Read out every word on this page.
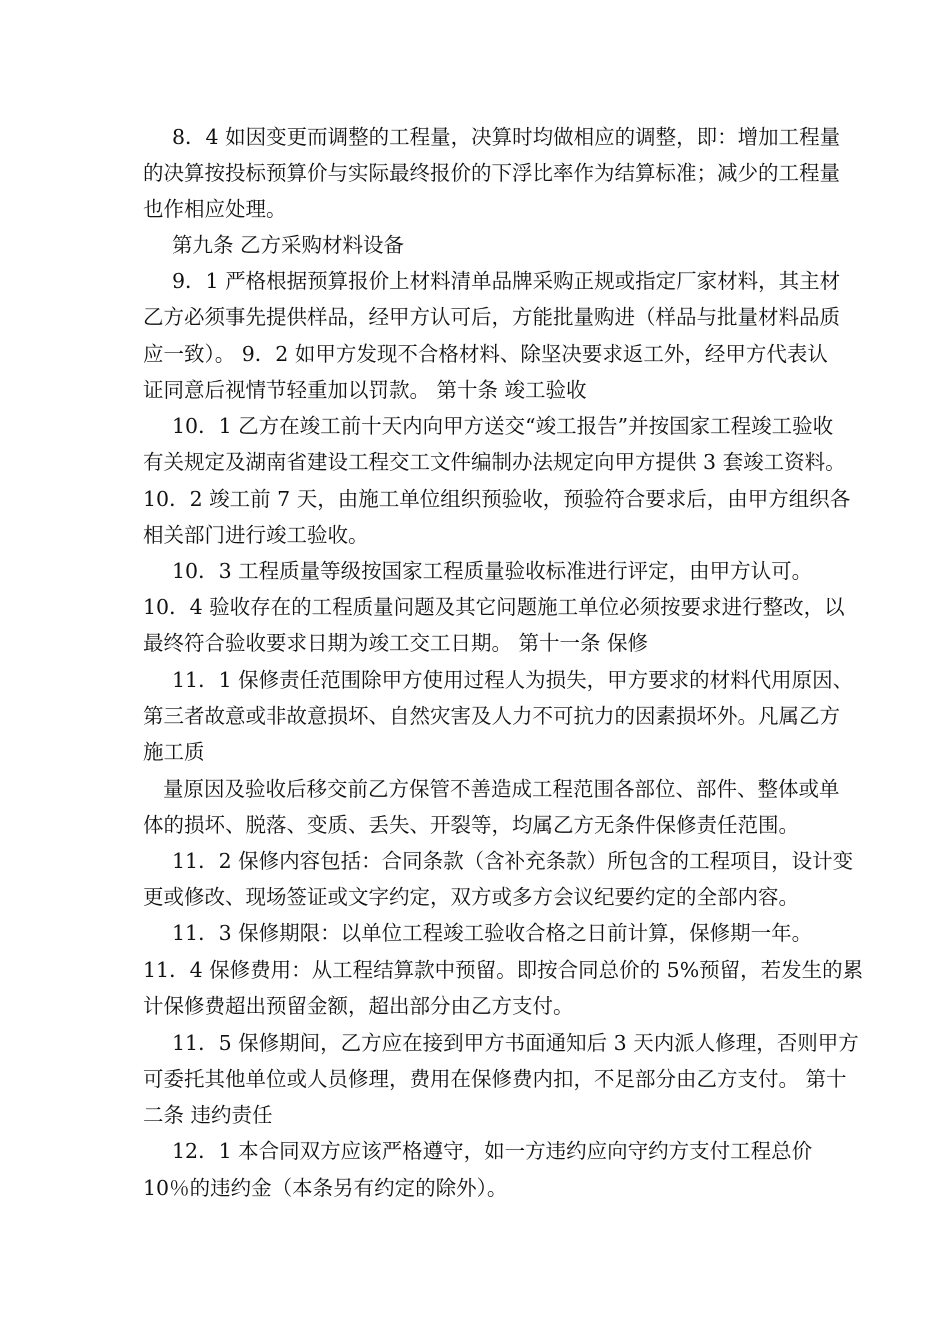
8．4 如因变更而调整的工程量，决算时均做相应的调整，即：增加工程量
的决算按投标预算价与实际最终报价的下浮比率作为结算标准；减少的工程量
也作相应处理。
第九条 乙方采购材料设备
9．1 严格根据预算报价上材料清单品牌采购正规或指定厂家材料，其主材
乙方必须事先提供样品，经甲方认可后，方能批量购进（样品与批量材料品质
应一致）。 9．2 如甲方发现不合格材料、除坚决要求返工外，经甲方代表认
证同意后视情节轻重加以罚款。 第十条 竣工验收
10．1 乙方在竣工前十天内向甲方送交“竣工报告”并按国家工程竣工验收
有关规定及湖南省建设工程交工文件编制办法规定向甲方提供 3 套竣工资料。
10．2 竣工前 7 天，由施工单位组织预验收，预验符合要求后，由甲方组织各
相关部门进行竣工验收。
10．3 工程质量等级按国家工程质量验收标准进行评定，由甲方认可。
10．4 验收存在的工程质量问题及其它问题施工单位必须按要求进行整改，以
最终符合验收要求日期为竣工交工日期。 第十一条 保修
11．1 保修责任范围除甲方使用过程人为损失，甲方要求的材料代用原因、
第三者故意或非故意损坏、自然灾害及人力不可抗力的因素损坏外。凡属乙方
施工质
量原因及验收后移交前乙方保管不善造成工程范围各部位、部件、整体或单
体的损坏、脱落、变质、丢失、开裂等，均属乙方无条件保修责任范围。
11．2 保修内容包括：合同条款（含补充条款）所包含的工程项目，设计变
更或修改、现场签证或文字约定，双方或多方会议纪要约定的全部内容。
11．3 保修期限：以单位工程竣工验收合格之日前计算，保修期一年。
11．4 保修费用：从工程结算款中预留。即按合同总价的 5%预留，若发生的累
计保修费超出预留金额，超出部分由乙方支付。
11．5 保修期间，乙方应在接到甲方书面通知后 3 天内派人修理，否则甲方
可委托其他单位或人员修理，费用在保修费内扣，不足部分由乙方支付。 第十
二条 违约责任
12．1 本合同双方应该严格遵守，如一方违约应向守约方支付工程总价
10％的违约金（本条另有约定的除外）。
